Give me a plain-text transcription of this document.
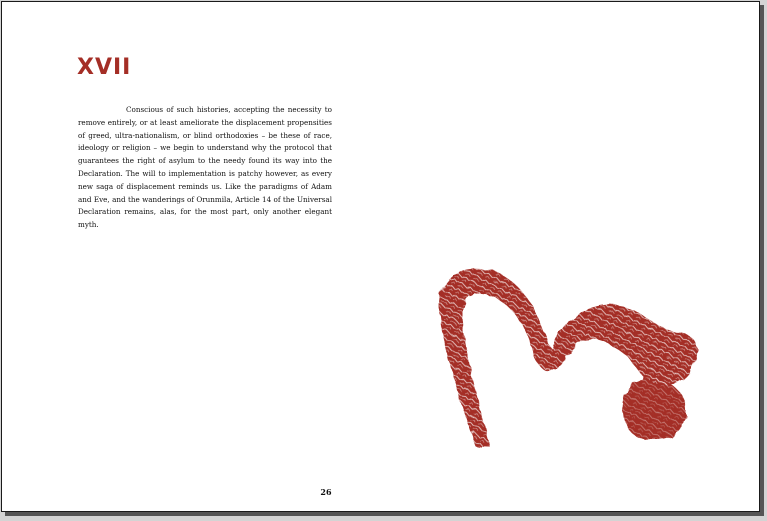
XVII

Conscious of such histories, accepting the necessity to remove entirely, or at least ameliorate the displacement propensities of greed, ultra-nationalism, or blind orthodoxies – be these of race, ideology or religion – we begin to understand why the protocol that guarantees the right of asylum to the needy found its way into the Declaration. The will to implementation is patchy however, as every new saga of displacement reminds us. Like the paradigms of Adam and Eve, and the wanderings of Orunmila, Article 14 of the Universal Declaration remains, alas, for the most part, only another elegant myth.

26
